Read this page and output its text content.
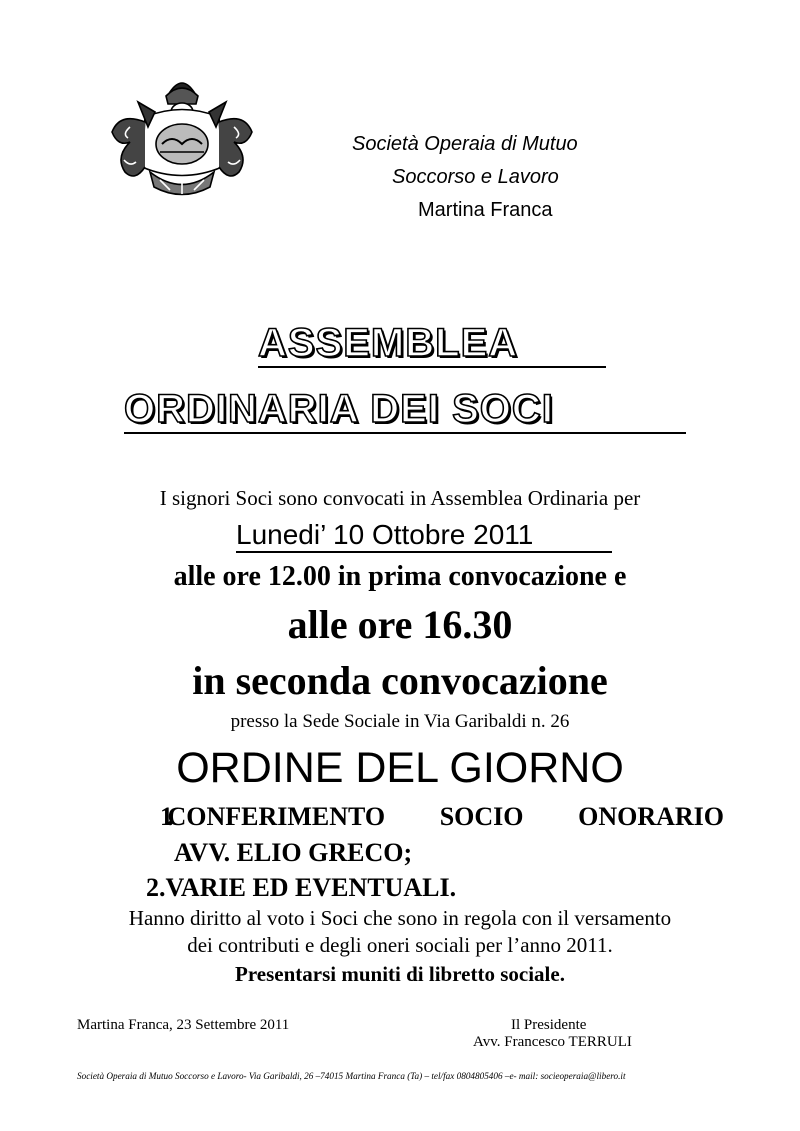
Società Operaia di Mutuo
Soccorso e Lavoro
Martina Franca
ASSEMBLEA
ORDINARIA DEI SOCI
I signori Soci sono convocati in Assemblea Ordinaria per
Lunedi’ 10 Ottobre 2011
alle ore 12.00 in prima convocazione e
alle ore 16.30
in seconda convocazione
presso la Sede Sociale in Via Garibaldi n. 26
ORDINE DEL GIORNO
1. CONFERIMENTO SOCIO ONORARIO
AVV. ELIO GRECO;
2.VARIE ED EVENTUALI.
Hanno diritto al voto i Soci che sono in regola con il versamento
dei contributi e degli oneri sociali per l’anno 2011.
Presentarsi muniti di libretto sociale.
Martina Franca, 23 Settembre 2011	Il Presidente
Avv. Francesco TERRULI
Società Operaia di Mutuo Soccorso e Lavoro- Via Garibaldi, 26 –74015 Martina Franca (Ta) – tel/fax 0804805406 –e- mail: socieoperaia@libero.it
